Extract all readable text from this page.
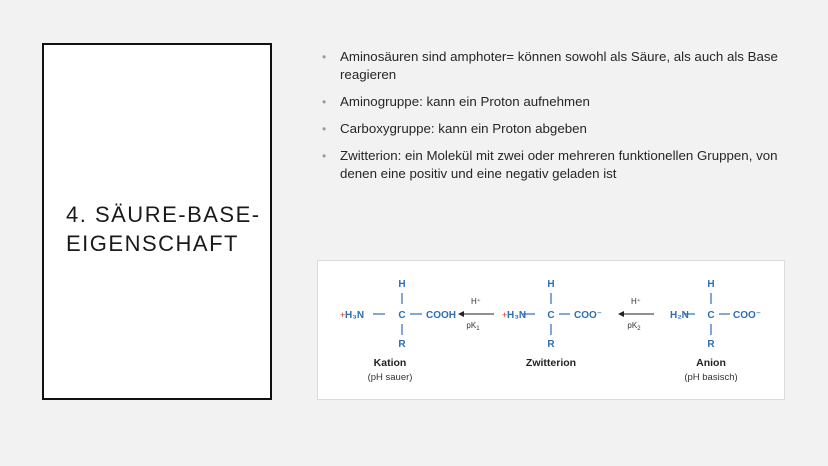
4. SÄURE-BASE-
EIGENSCHAFT
• Aminosäuren sind amphoter= können sowohl als Säure, als auch als Base reagieren
• Aminogruppe: kann ein Proton aufnehmen
• Carboxygruppe: kann ein Proton abgeben
• Zwitterion: ein Molekül mit zwei oder mehreren funktionellen Gruppen, von denen eine positiv und eine negativ geladen ist
H
+ H₃N	C COOH
R
Kation
(pH sauer)
H⁺
$pK_1$
H
+ H₃N C COO⁻
R
Zwitterion
H⁺
$pK_2$
H
H₂N C COO⁻
R
Anion
(pH basisch)
